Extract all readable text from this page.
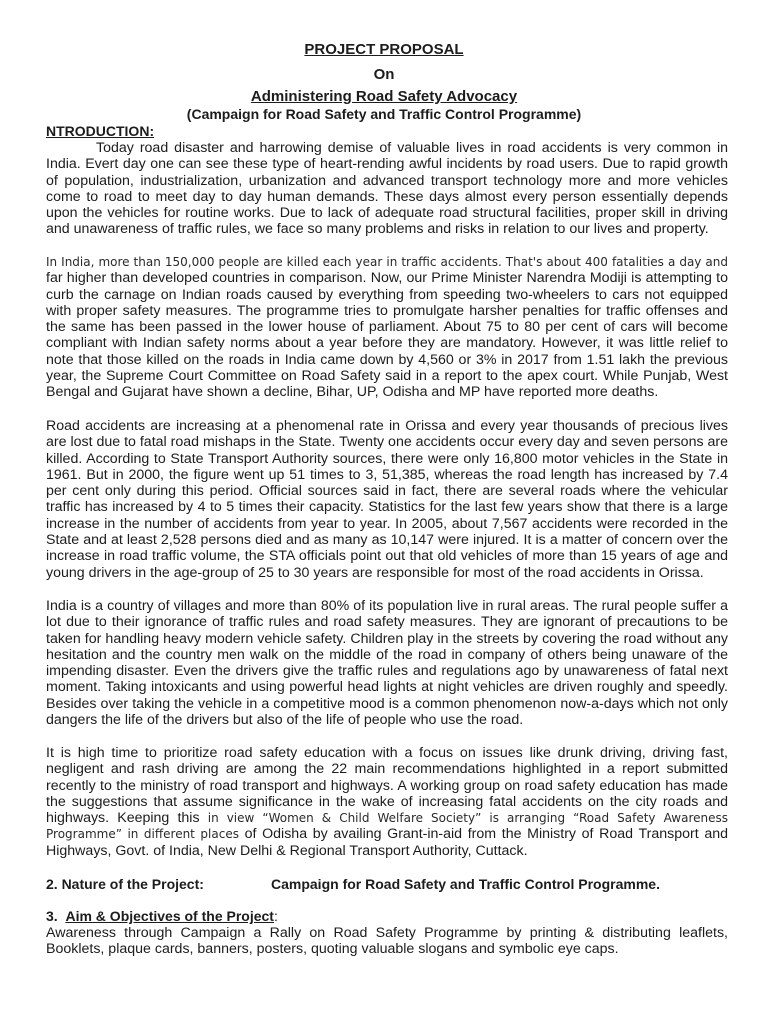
PROJECT PROPOSAL
On
Administering Road Safety Advocacy
(Campaign for Road Safety and Traffic Control Programme)
NTRODUCTION:

Today road disaster and harrowing demise of valuable lives in road accidents is very common in India. Evert day one can see these type of heart-rending awful incidents by road users. Due to rapid growth of population, industrialization, urbanization and advanced transport technology more and more vehicles come to road to meet day to day human demands. These days almost every person essentially depends upon the vehicles for routine works. Due to lack of adequate road structural facilities, proper skill in driving and unawareness of traffic rules, we face so many problems and risks in relation to our lives and property.

In India, more than 150,000 people are killed each year in traffic accidents. That's about 400 fatalities a day and far higher than developed countries in comparison. Now, our Prime Minister Narendra Modiji is attempting to curb the carnage on Indian roads caused by everything from speeding two-wheelers to cars not equipped with proper safety measures. The programme tries to promulgate harsher penalties for traffic offenses and the same has been passed in the lower house of parliament. About 75 to 80 per cent of cars will become compliant with Indian safety norms about a year before they are mandatory. However, it was little relief to note that those killed on the roads in India came down by 4,560 or 3% in 2017 from 1.51 lakh the previous year, the Supreme Court Committee on Road Safety said in a report to the apex court. While Punjab, West Bengal and Gujarat have shown a decline, Bihar, UP, Odisha and MP have reported more deaths.

Road accidents are increasing at a phenomenal rate in Orissa and every year thousands of precious lives are lost due to fatal road mishaps in the State. Twenty one accidents occur every day and seven persons are killed. According to State Transport Authority sources, there were only 16,800 motor vehicles in the State in 1961. But in 2000, the figure went up 51 times to 3, 51,385, whereas the road length has increased by 7.4 per cent only during this period. Official sources said in fact, there are several roads where the vehicular traffic has increased by 4 to 5 times their capacity. Statistics for the last few years show that there is a large increase in the number of accidents from year to year. In 2005, about 7,567 accidents were recorded in the State and at least 2,528 persons died and as many as 10,147 were injured. It is a matter of concern over the increase in road traffic volume, the STA officials point out that old vehicles of more than 15 years of age and young drivers in the age-group of 25 to 30 years are responsible for most of the road accidents in Orissa.

India is a country of villages and more than 80% of its population live in rural areas. The rural people suffer a lot due to their ignorance of traffic rules and road safety measures. They are ignorant of precautions to be taken for handling heavy modern vehicle safety. Children play in the streets by covering the road without any hesitation and the country men walk on the middle of the road in company of others being unaware of the impending disaster. Even the drivers give the traffic rules and regulations ago by unawareness of fatal next moment. Taking intoxicants and using powerful head lights at night vehicles are driven roughly and speedly. Besides over taking the vehicle in a competitive mood is a common phenomenon now-a-days which not only dangers the life of the drivers but also of the life of people who use the road.

It is high time to prioritize road safety education with a focus on issues like drunk driving, driving fast, negligent and rash driving are among the 22 main recommendations highlighted in a report submitted recently to the ministry of road transport and highways. A working group on road safety education has made the suggestions that assume significance in the wake of increasing fatal accidents on the city roads and highways. Keeping this in view “Women & Child Welfare Society” is arranging “Road Safety Awareness Programme” in different places of Odisha by availing Grant-in-aid from the Ministry of Road Transport and Highways, Govt. of India, New Delhi & Regional Transport Authority, Cuttack.

2. Nature of the Project:	Campaign for Road Safety and Traffic Control Programme.
3. Aim & Objectives of the Project:

Awareness through Campaign a Rally on Road Safety Programme by printing & distributing leaflets, Booklets, plaque cards, banners, posters, quoting valuable slogans and symbolic eye caps.
